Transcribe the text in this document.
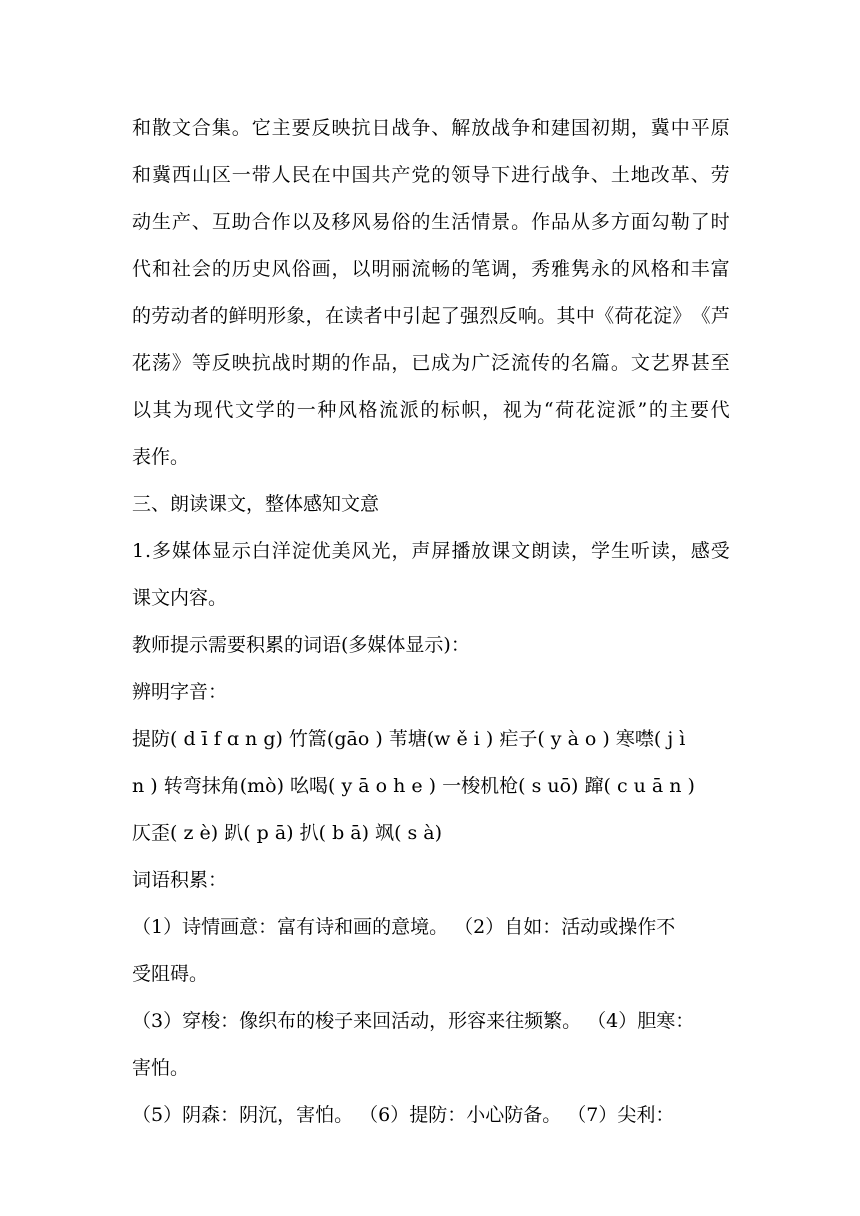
和 散 文 合 集 。 它 主 要 反 映 抗 日 战 争 、 解 放 战 争 和 建 国 初 期 ， 冀 中 平 原
和 冀 西 山 区 一 带 人 民 在 中 国 共 产 党 的 领 导 下 进 行 战 争 、 土 地 改 革 、 劳
动 生 产 、 互 助 合 作 以 及 移 风 易 俗 的 生 活 情 景 。 作 品 从 多 方 面 勾 勒 了 时
代 和 社 会 的 历 史 风 俗 画 ， 以 明 丽 流 畅 的 笔 调 ， 秀 雅 隽 永 的 风 格 和 丰 富
的 劳 动 者 的 鲜 明 形 象 ， 在 读 者 中 引 起 了 强 烈 反 响 。 其 中 《 荷 花 淀 》 《 芦
花 荡 》 等 反 映 抗 战 时 期 的 作 品 ， 已 成 为 广 泛 流 传 的 名 篇 。 文 艺 界 甚 至
以 其 为 现 代 文 学 的 一 种 风 格 流 派 的 标 帜 ， 视 为 “ 荷 花 淀 派 ” 的 主 要 代
表作。
三、朗读课文，整体感知文意
1 . 多 媒 体 显 示 白 洋 淀 优 美 风 光 ， 声 屏 播 放 课 文 朗 读 ， 学 生 听 读 ， 感 受
课文内容。
教师提示需要积累的词语(多媒体显示)：
辨明字音：
提防( d ī f ɑ n g) 竹篙(gāo ) 苇塘(w ě i ) 疟子( y à o ) 寒噤( j ì
n ) 转弯抹角(mò) 吆喝( y ā o h e ) 一梭机枪( s uō) 蹿( c u ā n )
仄歪( z è) 趴( p ā) 扒( b ā) 飒( s à)
词语积累：
（1）诗情画意：富有诗和画的意境。 （2）自如：活动或操作不
受阻碍。
（3）穿梭：像织布的梭子来回活动，形容来往频繁。 （4）胆寒：
害怕。
（5）阴森：阴沉，害怕。 （6）提防：小心防备。 （7）尖利：
